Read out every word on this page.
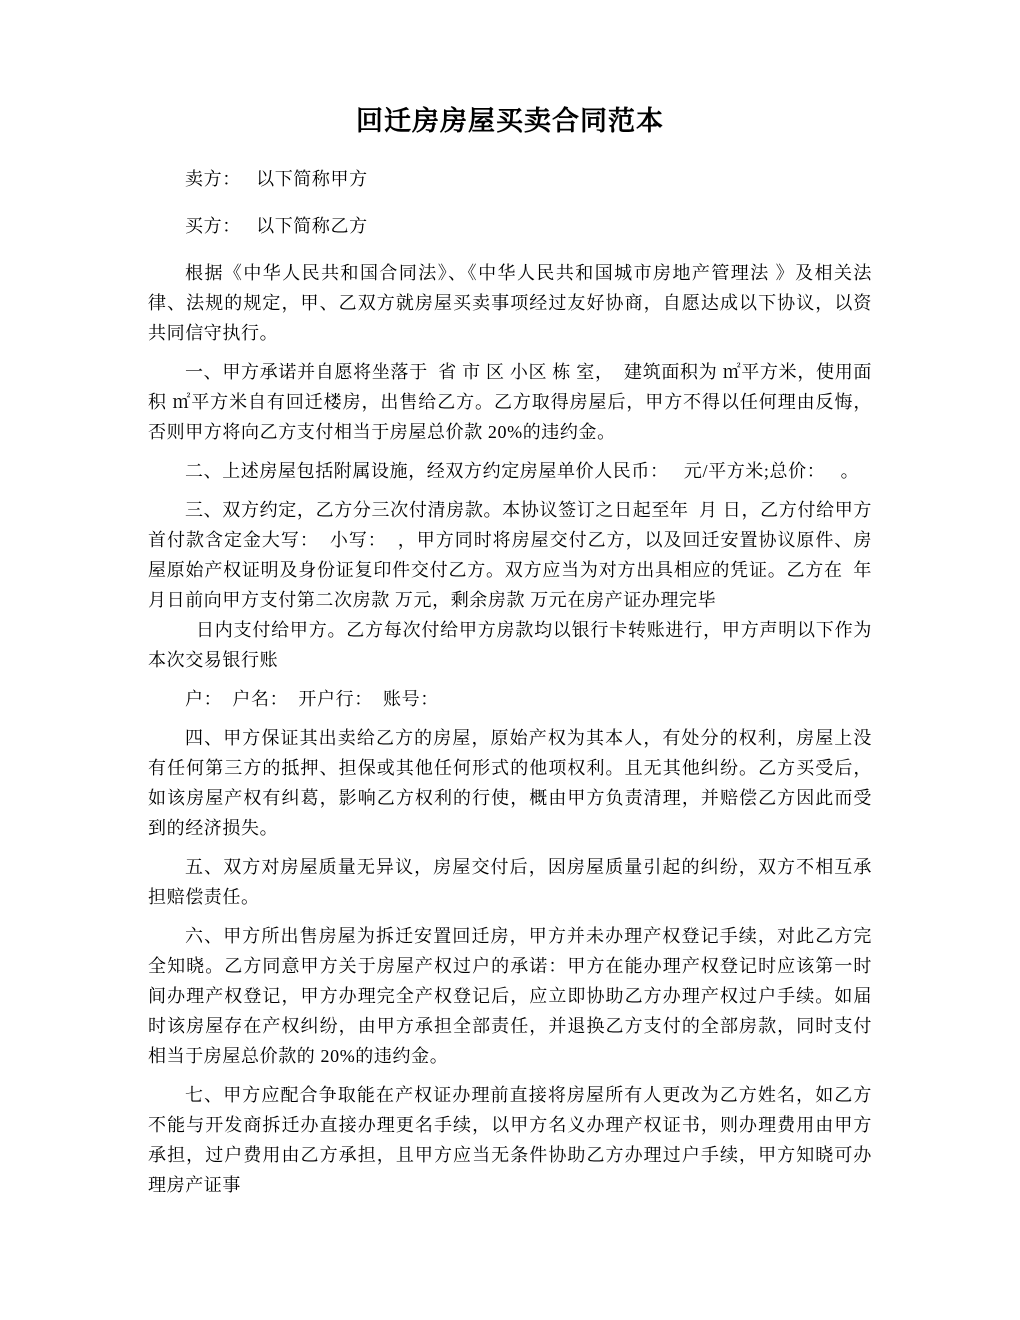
回迁房房屋买卖合同范本

卖方：   以下简称甲方

买方：   以下简称乙方

根据《中华人民共和国合同法》、《中华人民共和国城市房地产管理法 》及相关法律、法规的规定，甲、乙双方就房屋买卖事项经过友好协商，自愿达成以下协议，以资共同信守执行。

一、甲方承诺并自愿将坐落于  省 市 区 小区 栋 室，  建筑面积为 ㎡平方米，使用面积 ㎡平方米自有回迁楼房，出售给乙方。乙方取得房屋后，甲方不得以任何理由反悔，否则甲方将向乙方支付相当于房屋总价款 20%的违约金。

二、上述房屋包括附属设施，经双方约定房屋单价人民币：   元/平方米;总价：   。

三、双方约定，乙方分三次付清房款。本协议签订之日起至年  月 日，乙方付给甲方首付款含定金大写：  小写：  ，甲方同时将房屋交付乙方，以及回迁安置协议原件、房屋原始产权证明及身份证复印件交付乙方。双方应当为对方出具相应的凭证。乙方在  年 月日前向甲方支付第二次房款 万元，剩余房款 万元在房产证办理完毕

日内支付给甲方。乙方每次付给甲方房款均以银行卡转账进行，甲方声明以下作为本次交易银行账

户：  户名：  开户行：  账号：

四、甲方保证其出卖给乙方的房屋，原始产权为其本人，有处分的权利，房屋上没有任何第三方的抵押、担保或其他任何形式的他项权利。且无其他纠纷。乙方买受后，如该房屋产权有纠葛，影响乙方权利的行使，概由甲方负责清理，并赔偿乙方因此而受到的经济损失。

五、双方对房屋质量无异议，房屋交付后，因房屋质量引起的纠纷，双方不相互承担赔偿责任。

六、甲方所出售房屋为拆迁安置回迁房，甲方并未办理产权登记手续，对此乙方完全知晓。乙方同意甲方关于房屋产权过户的承诺：甲方在能办理产权登记时应该第一时间办理产权登记，甲方办理完全产权登记后，应立即协助乙方办理产权过户手续。如届时该房屋存在产权纠纷，由甲方承担全部责任，并退换乙方支付的全部房款，同时支付相当于房屋总价款的 20%的违约金。

七、甲方应配合争取能在产权证办理前直接将房屋所有人更改为乙方姓名，如乙方不能与开发商拆迁办直接办理更名手续，以甲方名义办理产权证书，则办理费用由甲方承担，过户费用由乙方承担，且甲方应当无条件协助乙方办理过户手续，甲方知晓可办理房产证事
